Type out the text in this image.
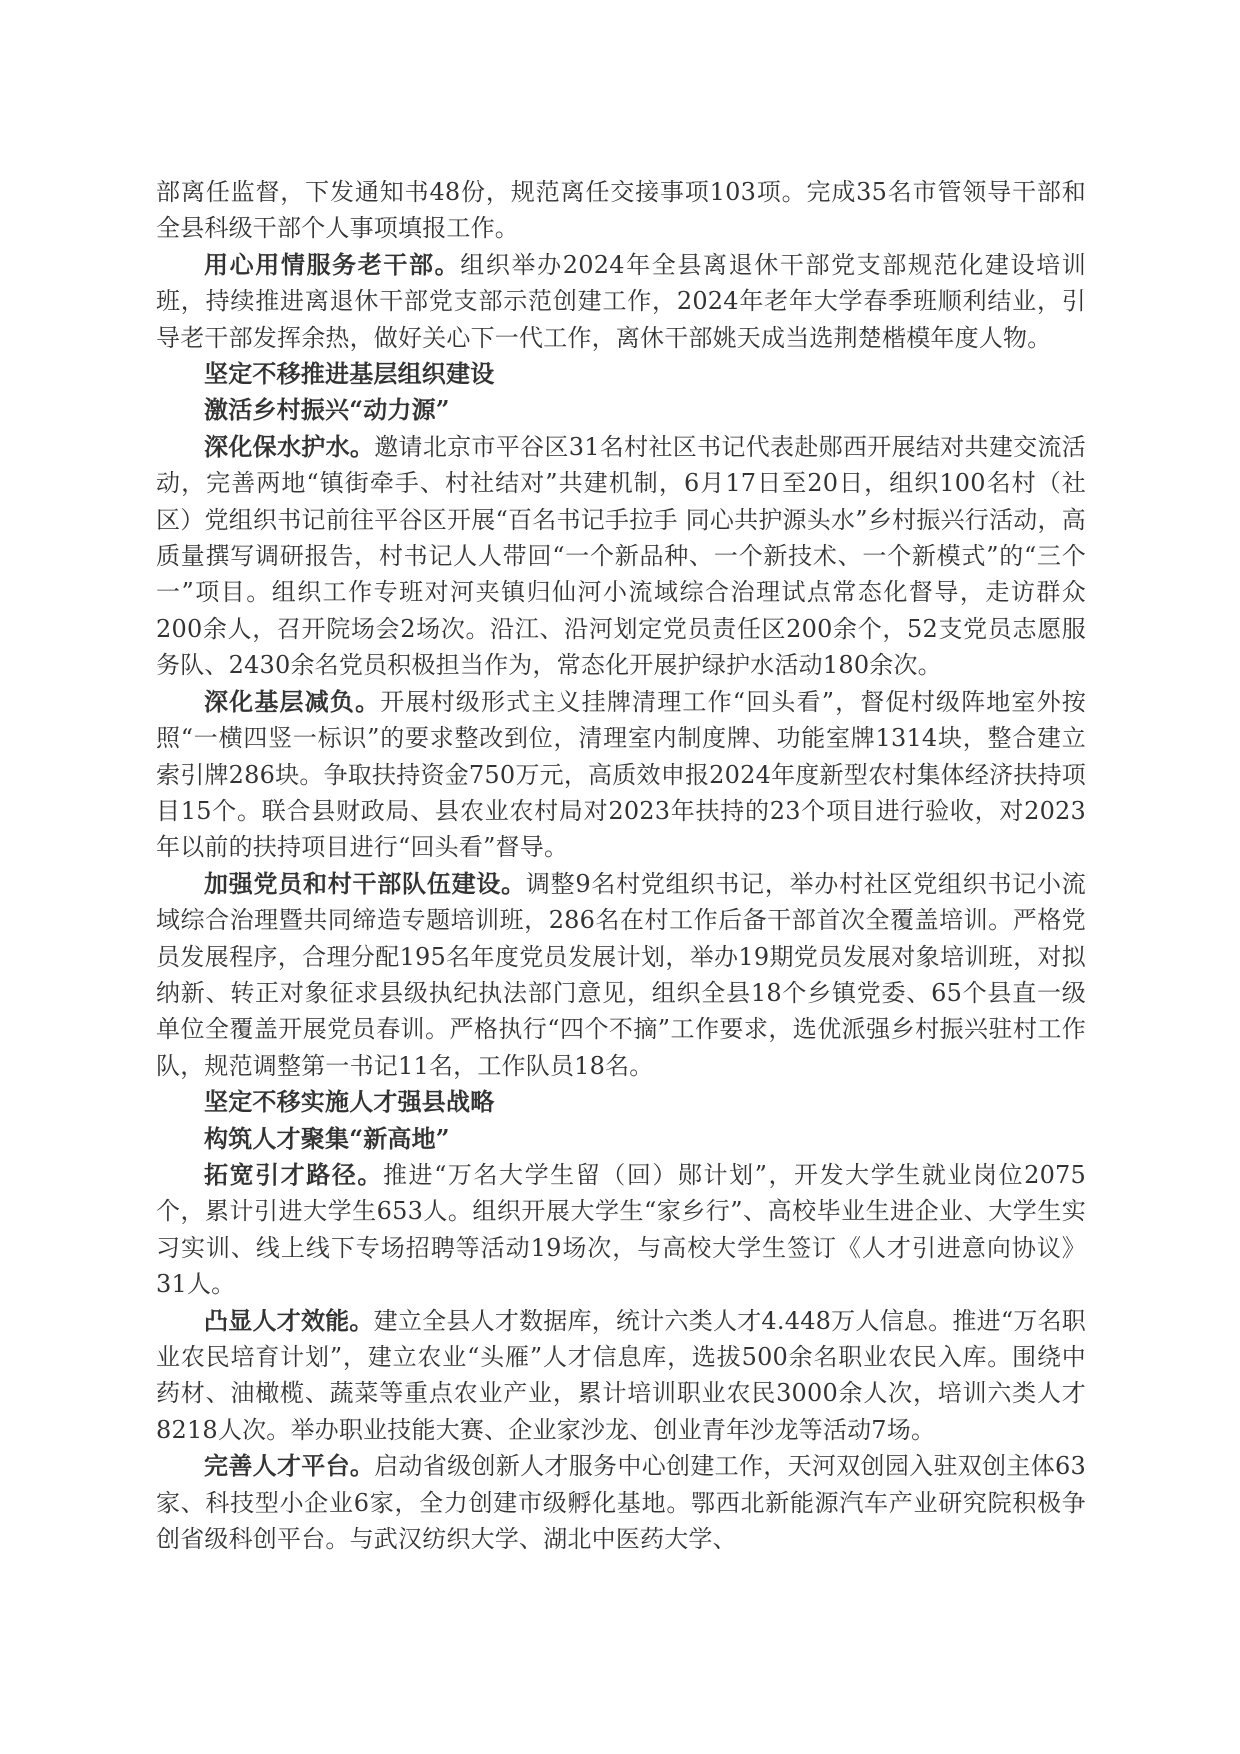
部离任监督，下发通知书48份，规范离任交接事项103项。完成35名市管领导干部和全县科级干部个人事项填报工作。

用心用情服务老干部。组织举办2024年全县离退休干部党支部规范化建设培训班，持续推进离退休干部党支部示范创建工作，2024年老年大学春季班顺利结业，引导老干部发挥余热，做好关心下一代工作，离休干部姚天成当选荆楚楷模年度人物。

坚定不移推进基层组织建设

激活乡村振兴“动力源”

深化保水护水。邀请北京市平谷区31名村社区书记代表赴郧西开展结对共建交流活动，完善两地“镇街牵手、村社结对”共建机制，6月17日至20日，组织100名村（社区）党组织书记前往平谷区开展“百名书记手拉手 同心共护源头水”乡村振兴行活动，高质量撰写调研报告，村书记人人带回“一个新品种、一个新技术、一个新模式”的“三个一”项目。组织工作专班对河夹镇归仙河小流域综合治理试点常态化督导，走访群众200余人，召开院场会2场次。沿江、沿河划定党员责任区200余个，52支党员志愿服务队、2430余名党员积极担当作为，常态化开展护绿护水活动180余次。

深化基层减负。开展村级形式主义挂牌清理工作“回头看”，督促村级阵地室外按照“一横四竖一标识”的要求整改到位，清理室内制度牌、功能室牌1314块，整合建立索引牌286块。争取扶持资金750万元，高质效申报2024年度新型农村集体经济扶持项目15个。联合县财政局、县农业农村局对2023年扶持的23个项目进行验收，对2023年以前的扶持项目进行“回头看”督导。

加强党员和村干部队伍建设。调整9名村党组织书记，举办村社区党组织书记小流域综合治理暨共同缔造专题培训班，286名在村工作后备干部首次全覆盖培训。严格党员发展程序，合理分配195名年度党员发展计划，举办19期党员发展对象培训班，对拟纳新、转正对象征求县级执纪执法部门意见，组织全县18个乡镇党委、65个县直一级单位全覆盖开展党员春训。严格执行“四个不摘”工作要求，选优派强乡村振兴驻村工作队，规范调整第一书记11名，工作队员18名。

坚定不移实施人才强县战略

构筑人才聚集“新高地”

拓宽引才路径。推进“万名大学生留（回）郧计划”，开发大学生就业岗位2075个，累计引进大学生653人。组织开展大学生“家乡行”、高校毕业生进企业、大学生实习实训、线上线下专场招聘等活动19场次，与高校大学生签订《人才引进意向协议》31人。

凸显人才效能。建立全县人才数据库，统计六类人才4.448万人信息。推进“万名职业农民培育计划”，建立农业“头雁”人才信息库，选拔500余名职业农民入库。围绕中药材、油橄榄、蔬菜等重点农业产业，累计培训职业农民3000余人次，培训六类人才8218人次。举办职业技能大赛、企业家沙龙、创业青年沙龙等活动7场。

完善人才平台。启动省级创新人才服务中心创建工作，天河双创园入驻双创主体63家、科技型小企业6家，全力创建市级孵化基地。鄂西北新能源汽车产业研究院积极争创省级科创平台。与武汉纺织大学、湖北中医药大学、
